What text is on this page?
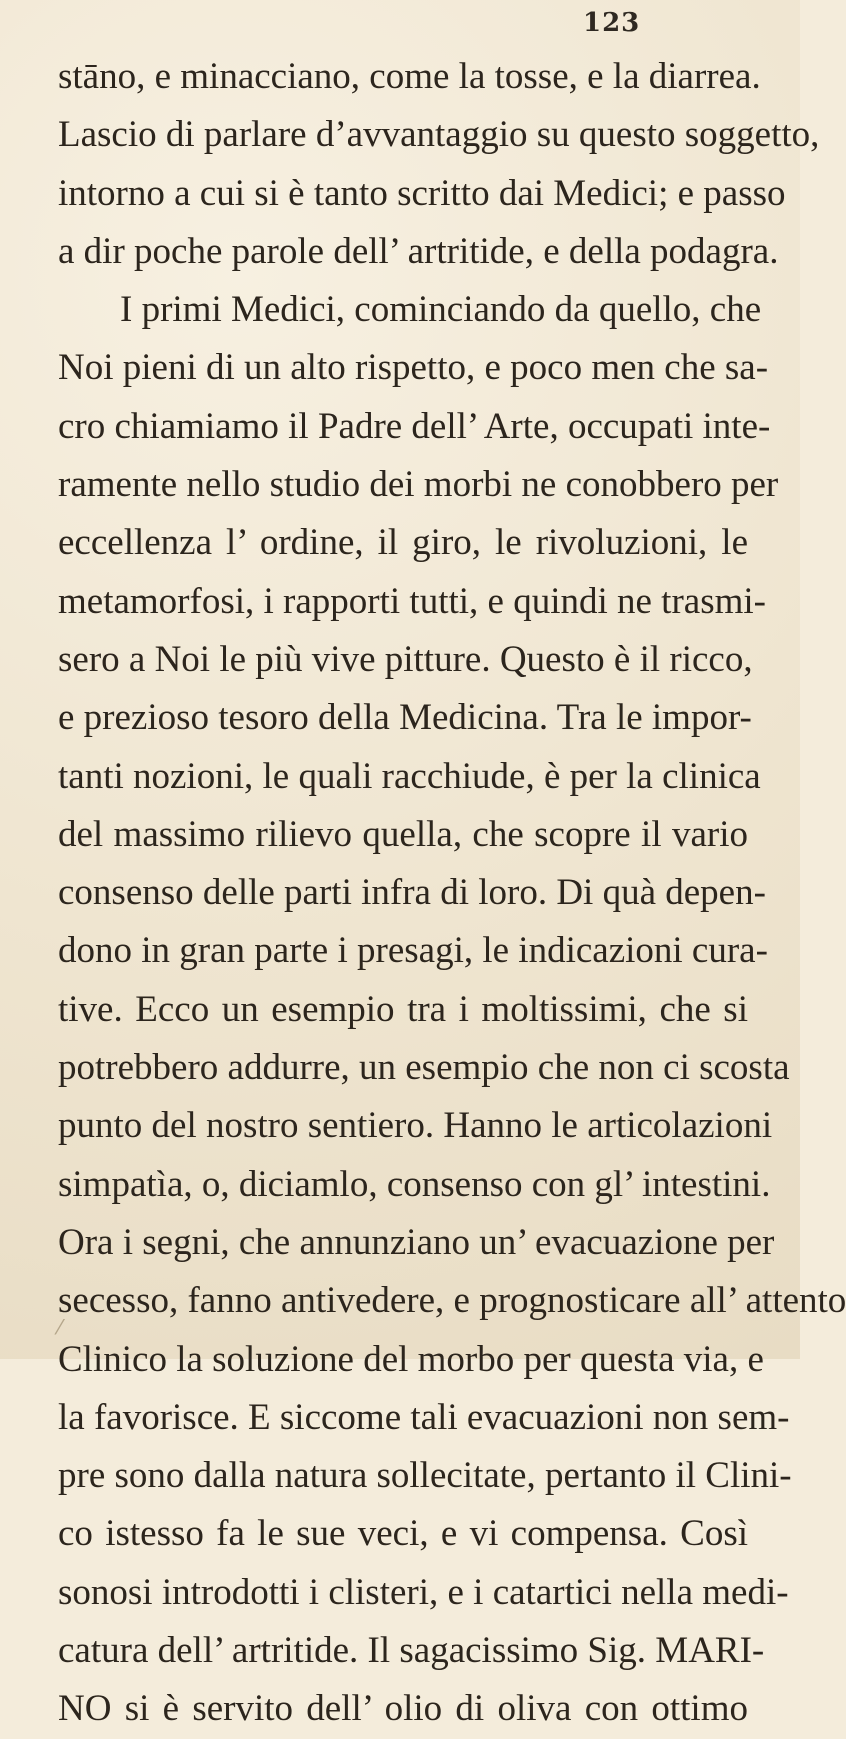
123
stāno, e minacciano, come la tosse, e la diarrea.
Lascio di parlare d’avvantaggio su questo soggetto,
intorno a cui si è tanto scritto dai Medici; e passo
a dir poche parole dell’ artritide, e della podagra.
I primi Medici, cominciando da quello, che
Noi pieni di un alto rispetto, e poco men che sa-
cro chiamiamo il Padre dell’ Arte, occupati inte-
ramente nello studio dei morbi ne conobbero per
eccellenza l’ ordine, il giro, le rivoluzioni, le
metamorfosi, i rapporti tutti, e quindi ne trasmi-
sero a Noi le più vive pitture. Questo è il ricco,
e prezioso tesoro della Medicina. Tra le impor-
tanti nozioni, le quali racchiude, è per la clinica
del massimo rilievo quella, che scopre il vario
consenso delle parti infra di loro. Di quà depen-
dono in gran parte i presagi, le indicazioni cura-
tive. Ecco un esempio tra i moltissimi, che si
potrebbero addurre, un esempio che non ci scosta
punto del nostro sentiero. Hanno le articolazioni
simpatìa, o, diciamlo, consenso con gl’ intestini.
Ora i segni, che annunziano un’ evacuazione per
secesso, fanno antivedere, e prognosticare all’ attento
Clinico la soluzione del morbo per questa via, e
la favorisce. E siccome tali evacuazioni non sem-
pre sono dalla natura sollecitate, pertanto il Clini-
co istesso fa le sue veci, e vi compensa. Così
sonosi introdotti i clisteri, e i catartici nella medi-
catura dell’ artritide. Il sagacissimo Sig. MARI-
NO si è servito dell’ olio di oliva con ottimo
⁄
